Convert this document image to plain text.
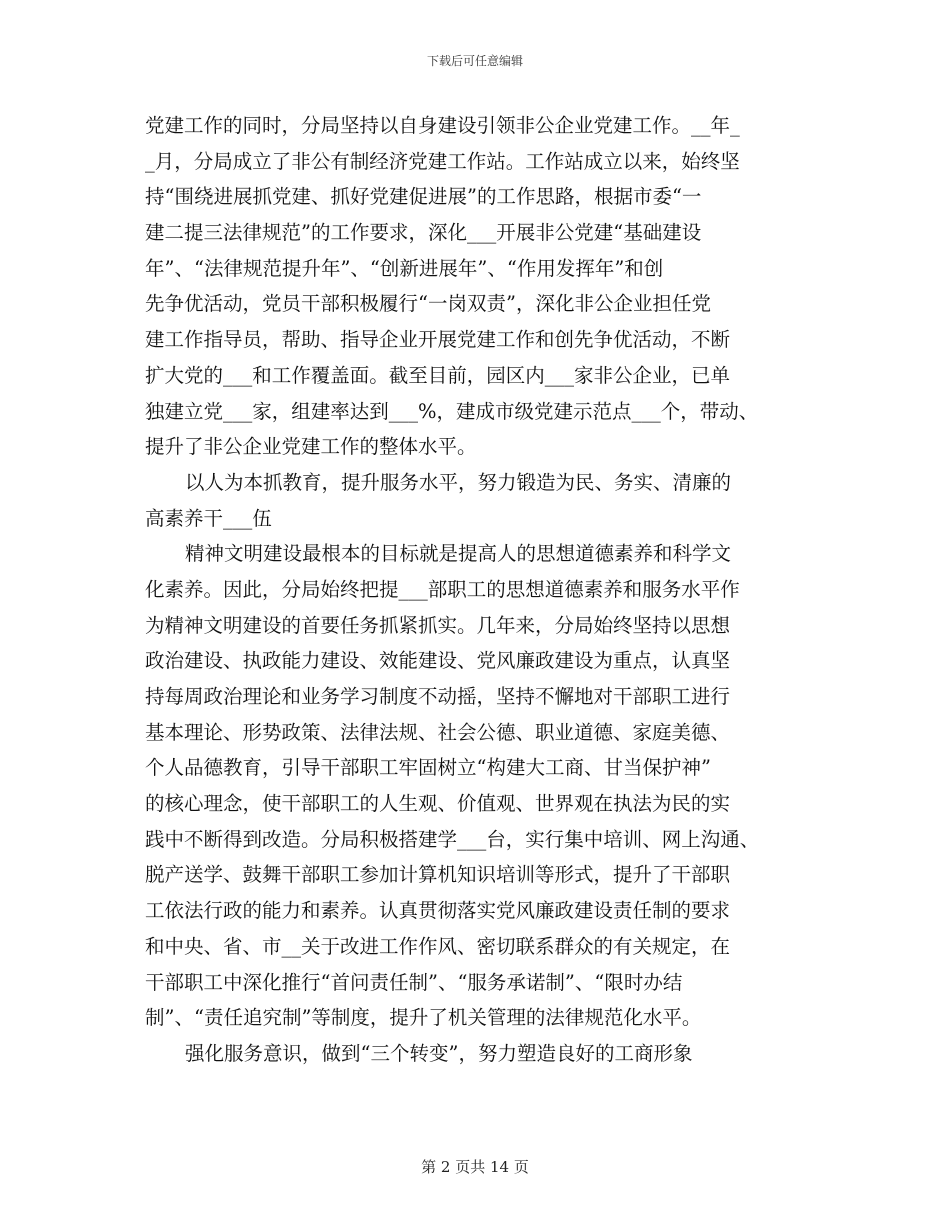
下载后可任意编辑
党建工作的同时，分局坚持以自身建设引领非公企业党建工作。__年_
_月，分局成立了非公有制经济党建工作站。工作站成立以来，始终坚
持“围绕进展抓党建、抓好党建促进展”的工作思路，根据市委“一
建二提三法律规范”的工作要求，深化___开展非公党建“基础建设
年”、“法律规范提升年”、“创新进展年”、“作用发挥年”和创
先争优活动，党员干部积极履行“一岗双责”，深化非公企业担任党
建工作指导员，帮助、指导企业开展党建工作和创先争优活动，不断
扩大党的___和工作覆盖面。截至目前，园区内___家非公企业，已单
独建立党___家，组建率达到___%，建成市级党建示范点___个，带动、
提升了非公企业党建工作的整体水平。
以人为本抓教育，提升服务水平，努力锻造为民、务实、清廉的
高素养干___伍
精神文明建设最根本的目标就是提高人的思想道德素养和科学文
化素养。因此，分局始终把提___部职工的思想道德素养和服务水平作
为精神文明建设的首要任务抓紧抓实。几年来，分局始终坚持以思想
政治建设、执政能力建设、效能建设、党风廉政建设为重点，认真坚
持每周政治理论和业务学习制度不动摇，坚持不懈地对干部职工进行
基本理论、形势政策、法律法规、社会公德、职业道德、家庭美德、
个人品德教育，引导干部职工牢固树立“构建大工商、甘当保护神”
的核心理念，使干部职工的人生观、价值观、世界观在执法为民的实
践中不断得到改造。分局积极搭建学___台，实行集中培训、网上沟通、
脱产送学、鼓舞干部职工参加计算机知识培训等形式，提升了干部职
工依法行政的能力和素养。认真贯彻落实党风廉政建设责任制的要求
和中央、省、市__关于改进工作作风、密切联系群众的有关规定，在
干部职工中深化推行“首问责任制”、“服务承诺制”、“限时办结
制”、“责任追究制”等制度，提升了机关管理的法律规范化水平。
强化服务意识，做到“三个转变”，努力塑造良好的工商形象
第 2 页共 14 页
